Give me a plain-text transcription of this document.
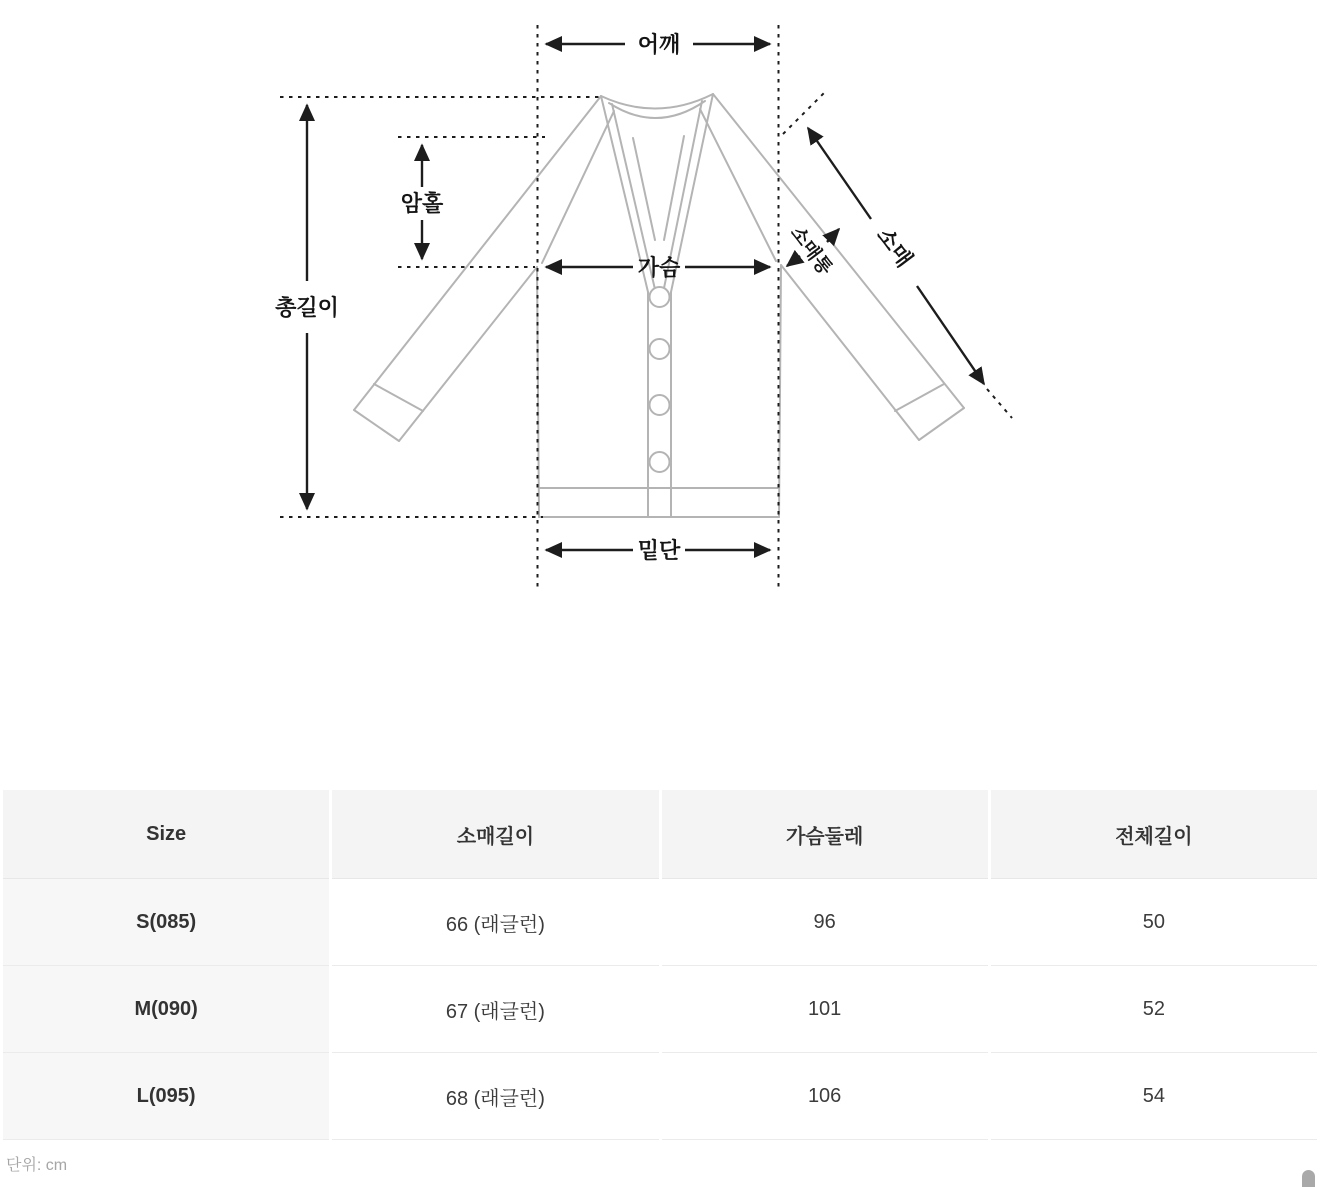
어깨
총길이
암홀
가슴
밑단
소매
소매통
Size	소매길이	가슴둘레	전체길이
S(085)	66 (래글런)	96	50
M(090)	67 (래글런)	101	52
L(095)	68 (래글런)	106	54
단위: cm
